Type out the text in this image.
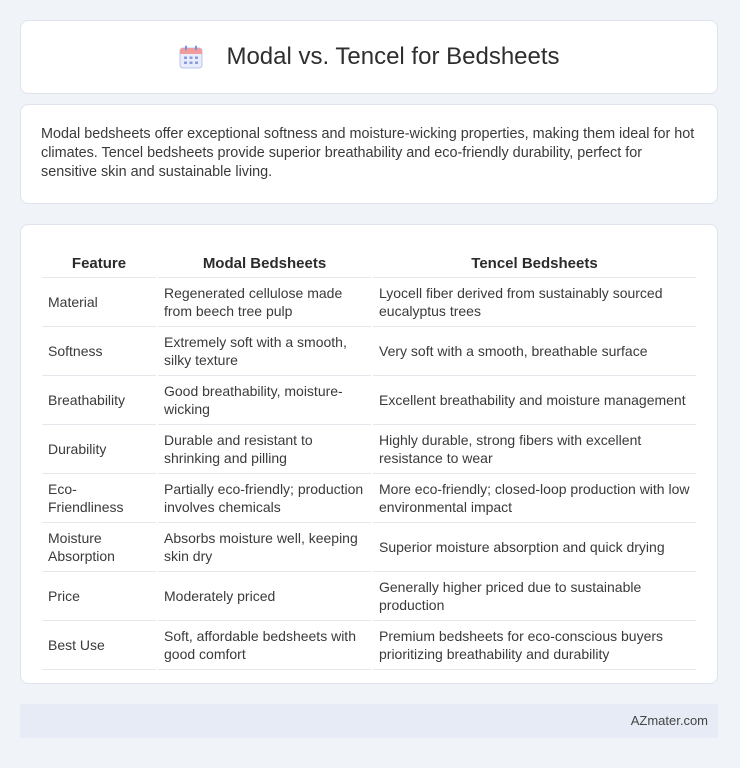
Modal vs. Tencel for Bedsheets

Modal bedsheets offer exceptional softness and moisture-wicking properties, making them ideal for hot climates. Tencel bedsheets provide superior breathability and eco-friendly durability, perfect for sensitive skin and sustainable living.

Feature	Modal Bedsheets	Tencel Bedsheets
Material	Regenerated cellulose made from beech tree pulp	Lyocell fiber derived from sustainably sourced eucalyptus trees
Softness	Extremely soft with a smooth, silky texture	Very soft with a smooth, breathable surface
Breathability	Good breathability, moisture-wicking	Excellent breathability and moisture management
Durability	Durable and resistant to shrinking and pilling	Highly durable, strong fibers with excellent resistance to wear
Eco-Friendliness	Partially eco-friendly; production involves chemicals	More eco-friendly; closed-loop production with low environmental impact
Moisture Absorption	Absorbs moisture well, keeping skin dry	Superior moisture absorption and quick drying
Price	Moderately priced	Generally higher priced due to sustainable production
Best Use	Soft, affordable bedsheets with good comfort	Premium bedsheets for eco-conscious buyers prioritizing breathability and durability
AZmater.com
